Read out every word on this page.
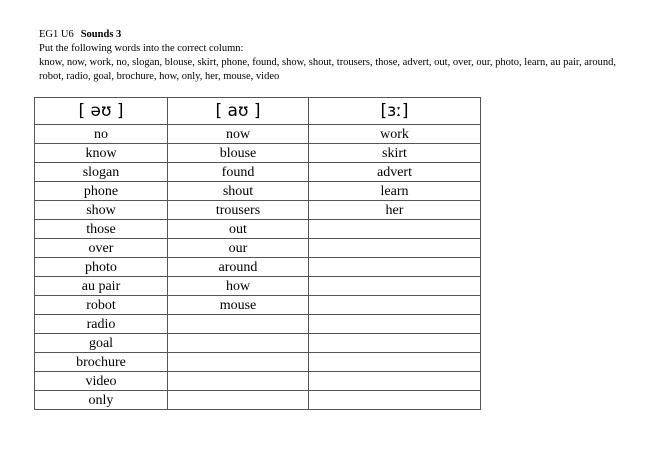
EG1 U6 Sounds 3
Put the following words into the correct column:
know, now, work, no, slogan, blouse, skirt, phone, found, show, shout, trousers, those, advert, out, over, our, photo, learn, au pair, around, robot, radio, goal, brochure, how, only, her, mouse, video
[ əʊ ]	[ aʊ ]	[ɜː]
no	now	work
know	blouse	skirt
slogan	found	advert
phone	shout	learn
show	trousers	her
those	out	
over	our	
photo	around	
au pair	how	
robot	mouse	
radio		
goal		
brochure		
video		
only		
